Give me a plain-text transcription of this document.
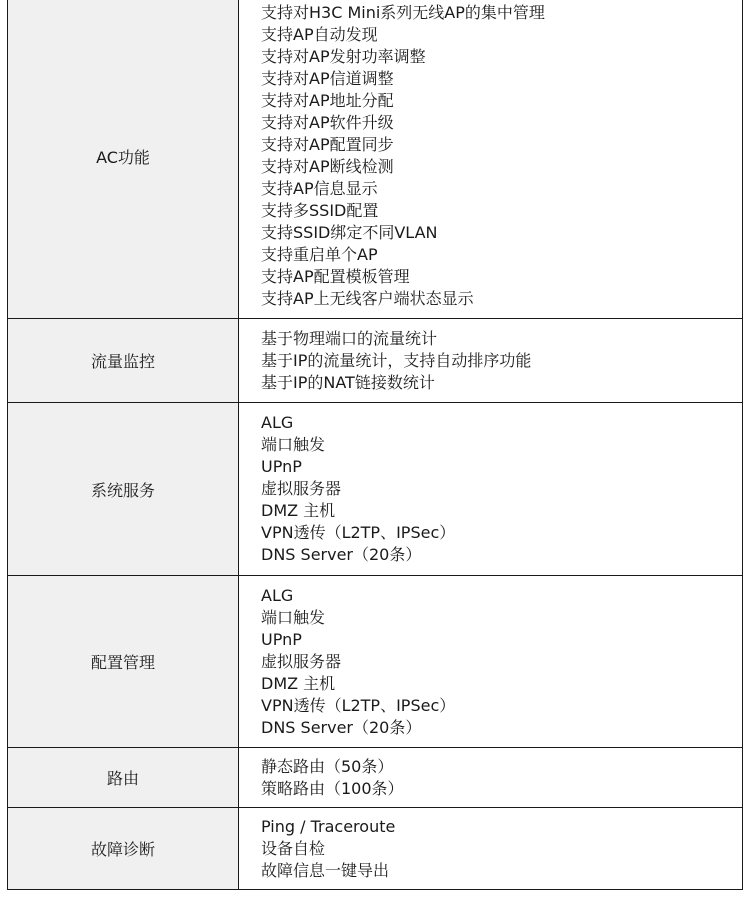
AC功能
支持对H3C Mini系列无线AP的集中管理
支持AP自动发现
支持对AP发射功率调整
支持对AP信道调整
支持对AP地址分配
支持对AP软件升级
支持对AP配置同步
支持对AP断线检测
支持AP信息显示
支持多SSID配置
支持SSID绑定不同VLAN
支持重启单个AP
支持AP配置模板管理
支持AP上无线客户端状态显示
流量监控
基于物理端口的流量统计
基于IP的流量统计，支持自动排序功能
基于IP的NAT链接数统计
系统服务
ALG
端口触发
UPnP
虚拟服务器
DMZ 主机
VPN透传（L2TP、IPSec）
DNS Server（20条）
配置管理
ALG
端口触发
UPnP
虚拟服务器
DMZ 主机
VPN透传（L2TP、IPSec）
DNS Server（20条）
路由
静态路由（50条）
策略路由（100条）
故障诊断
Ping / Traceroute
设备自检
故障信息一键导出
